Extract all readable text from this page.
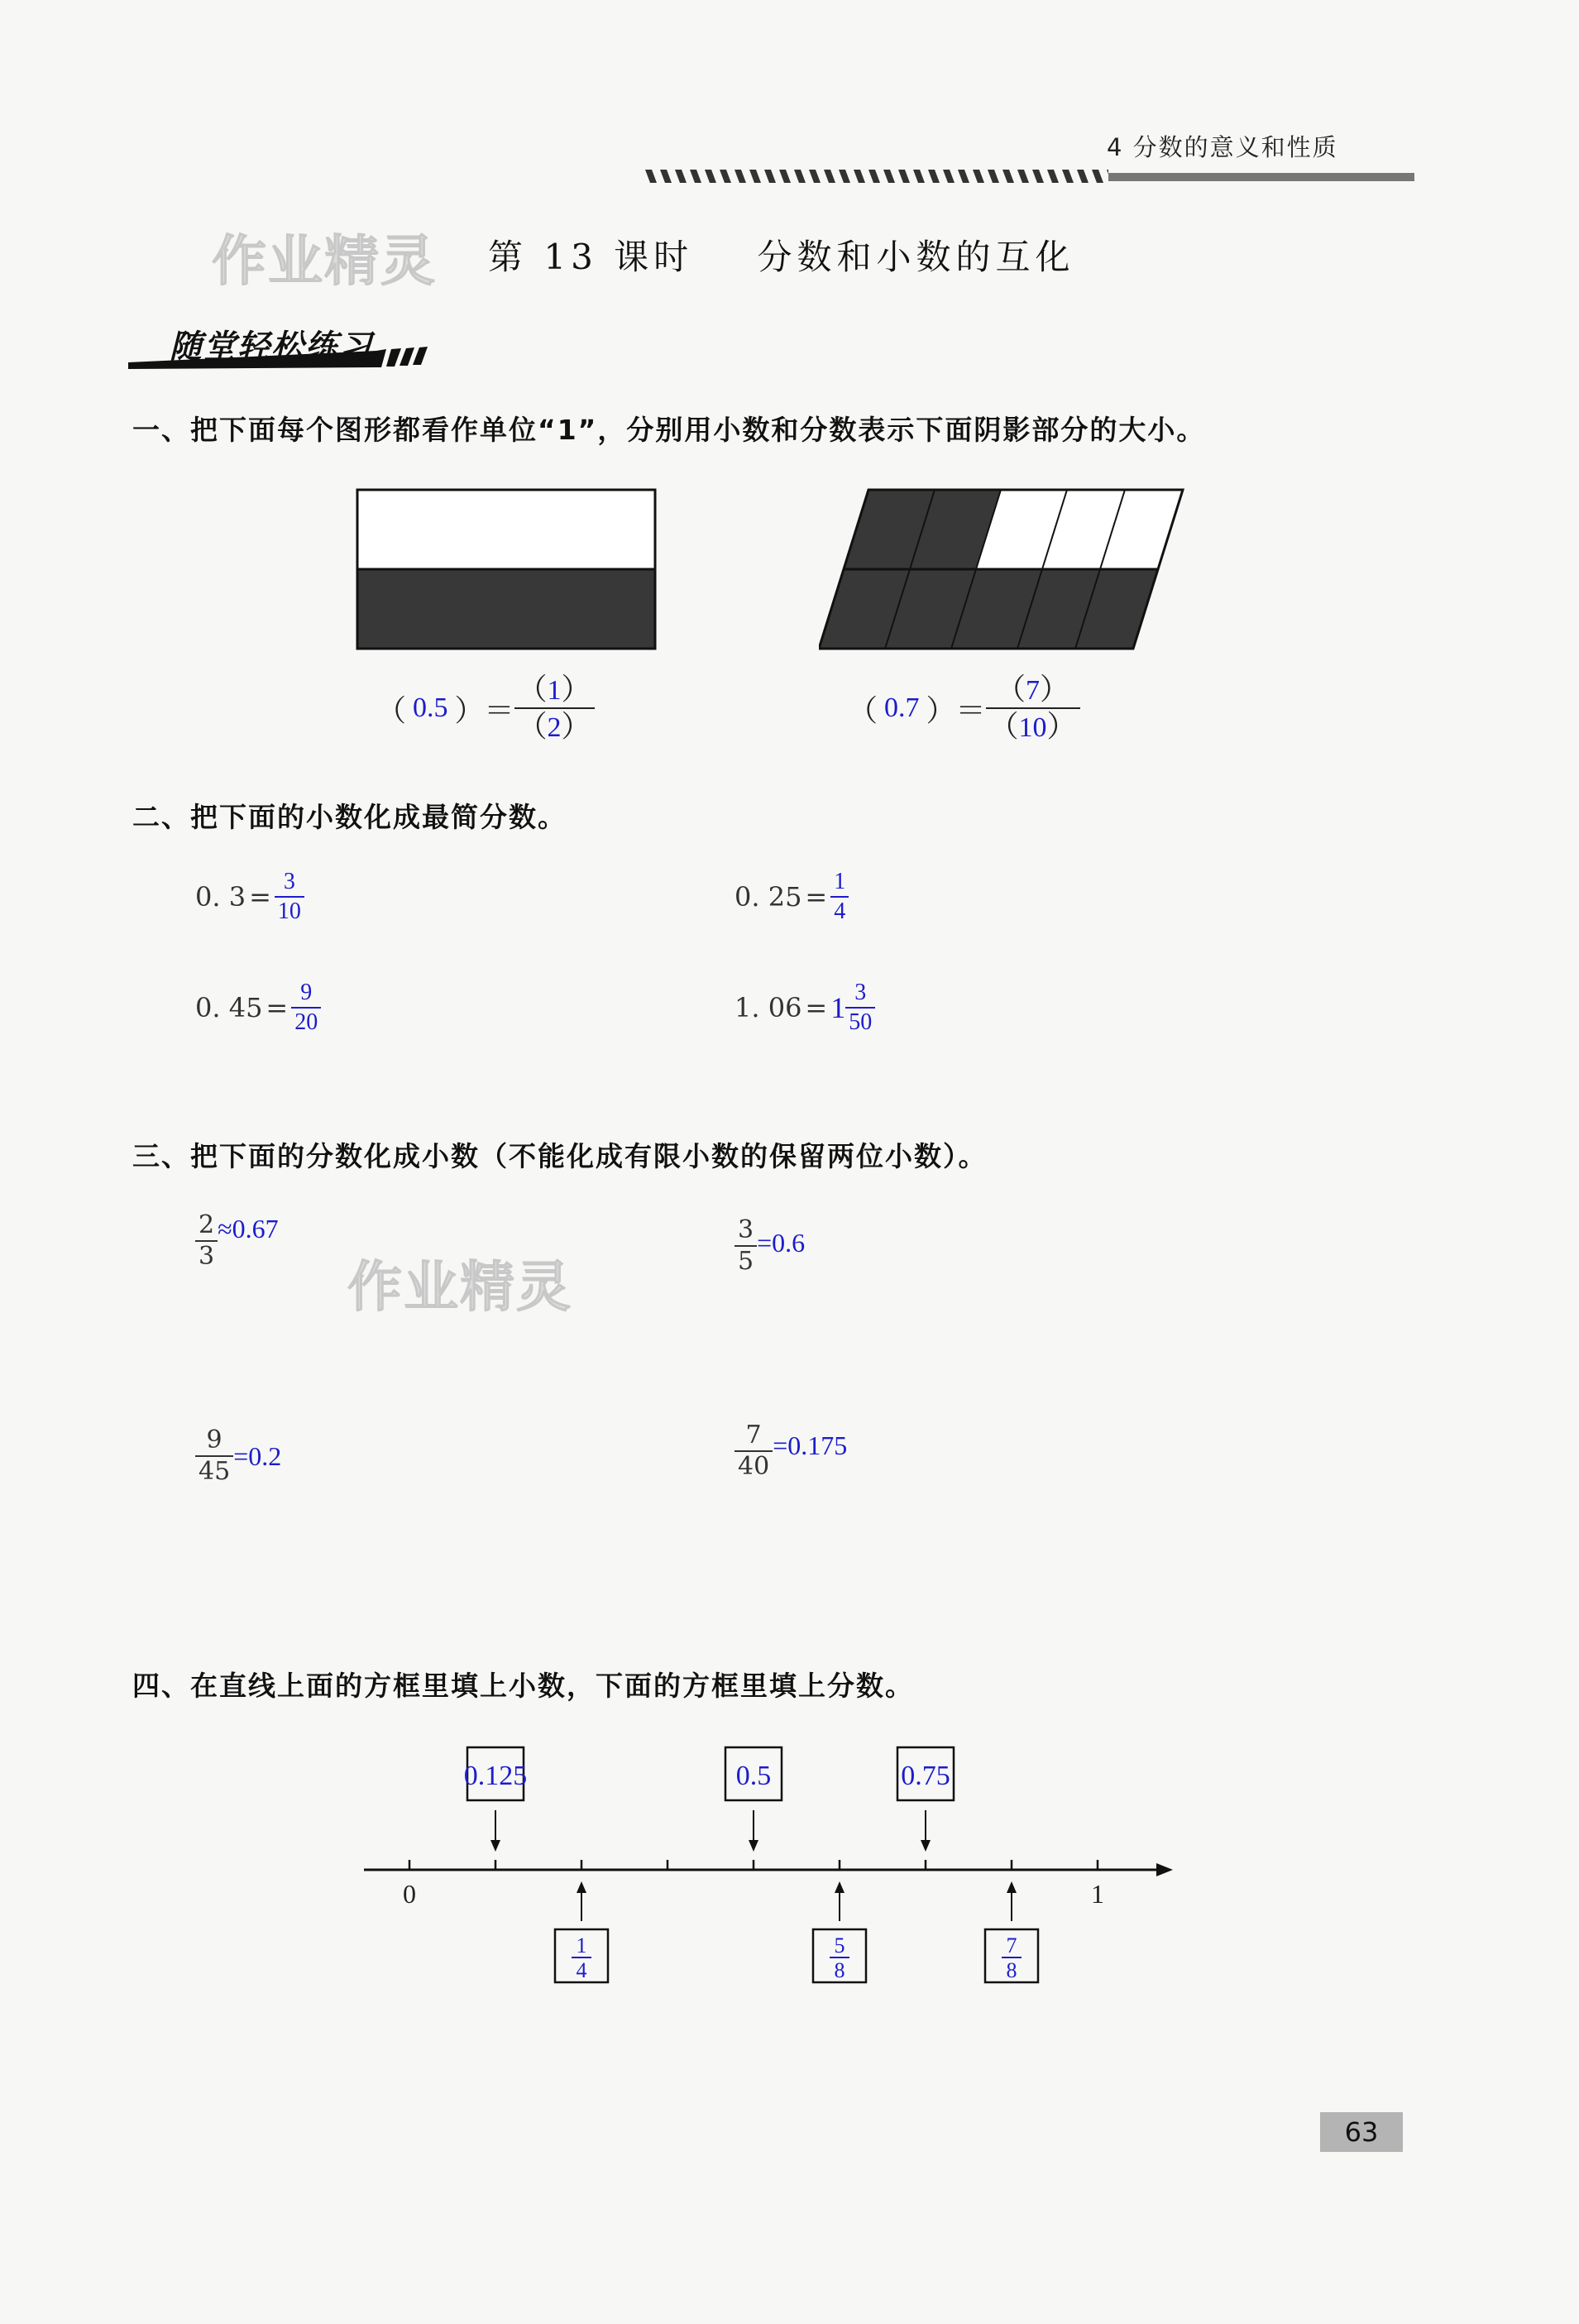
4 分数的意义和性质
作业精灵
作业精灵
第 13 课时    分数和小数的互化
随堂轻松练习
一、把下面每个图形都看作单位“1”，分别用小数和分数表示下面阴影部分的大小。
（ 0.5 ）＝ $\frac{(1)}{(2)}$	（ 0.7 ）＝ $\frac{(7)}{(10)}$
二、把下面的小数化成最简分数。
0. $3 = \frac{3}{10}$	0. $25 = \frac{1}{4}$
0. $45 = \frac{9}{20}$	1. $06 = 1 \frac{3}{50}$
三、把下面的分数化成小数（不能化成有限小数的保留两位小数）。
$\frac{2}{3} \approx 0.67$	$\frac{3}{5} =0.6$
$\frac{9}{45} =0.2$	$\frac{7}{40} =0.175$
四、在直线上面的方框里填上小数，下面的方框里填上分数。
0.125	0.5	0.75
1
4
5
8
7
8
0	1
63
